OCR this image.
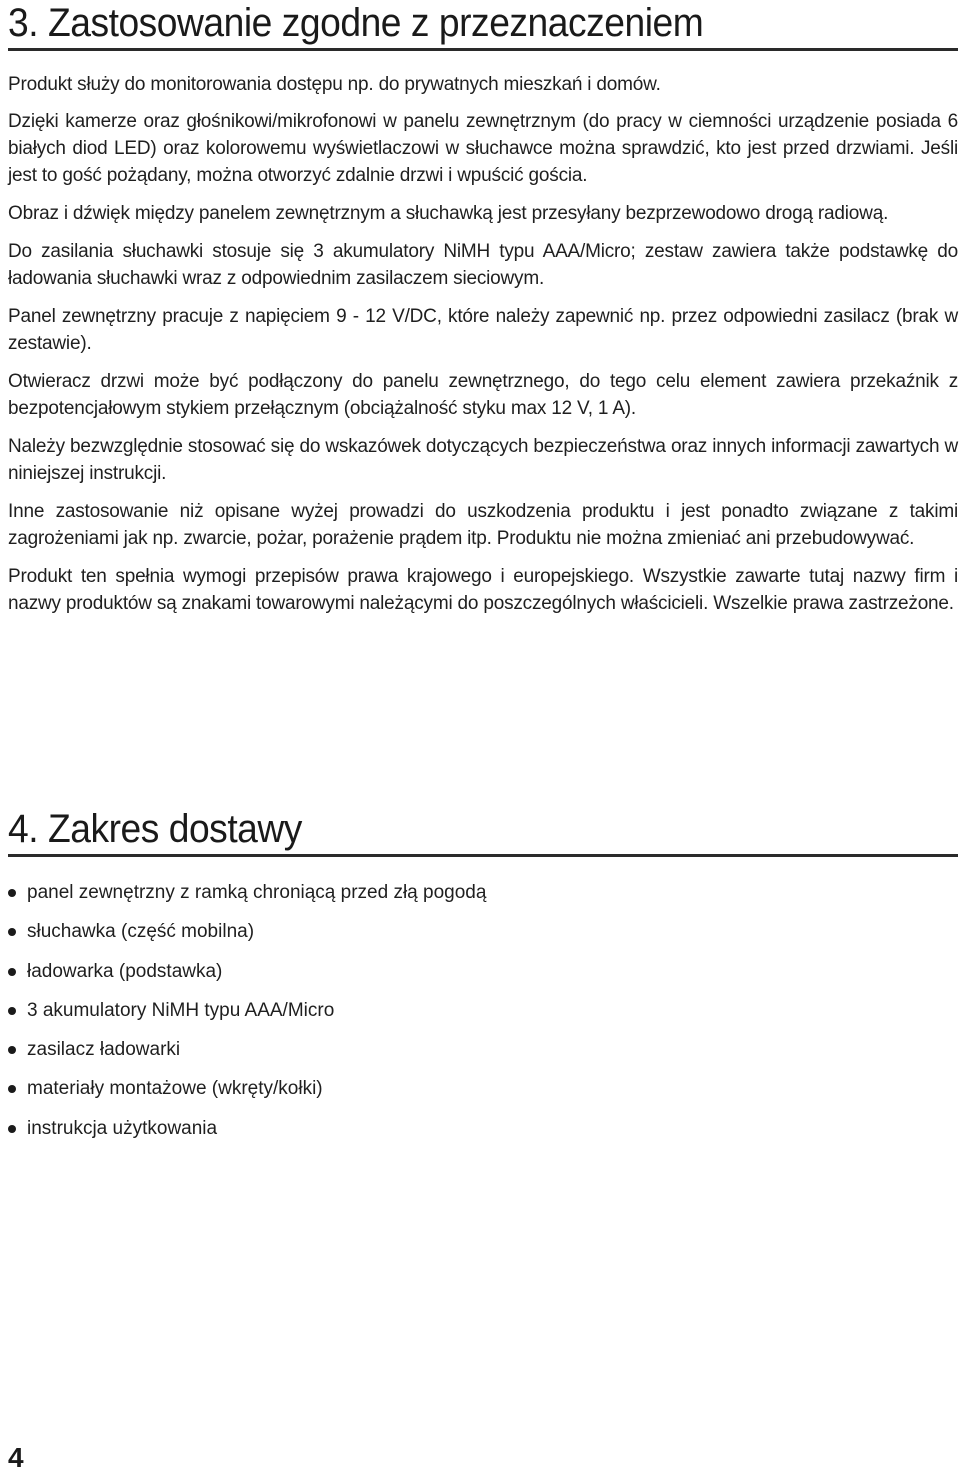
3. Zastosowanie zgodne z przeznaczeniem

Produkt służy do monitorowania dostępu np. do prywatnych mieszkań i domów.

Dzięki kamerze oraz głośnikowi/mikrofonowi w panelu zewnętrznym (do pracy w ciemności urządzenie posiada 6 białych diod LED) oraz kolorowemu wyświetlaczowi w słuchawce można sprawdzić, kto jest przed drzwiami. Jeśli jest to gość pożądany, można otworzyć zdalnie drzwi i wpuścić gościa.

Obraz i dźwięk między panelem zewnętrznym a słuchawką jest przesyłany bezprzewodowo drogą radiową.

Do zasilania słuchawki stosuje się 3 akumulatory NiMH typu AAA/Micro; zestaw zawiera także podstawkę do ładowania słuchawki wraz z odpowiednim zasilaczem sieciowym.

Panel zewnętrzny pracuje z napięciem 9 - 12 V/DC, które należy zapewnić np. przez odpowiedni zasilacz (brak w zestawie).

Otwieracz drzwi może być podłączony do panelu zewnętrznego, do tego celu element zawiera przekaźnik z bezpotencjałowym stykiem przełącznym (obciążalność styku max 12 V, 1 A).

Należy bezwzględnie stosować się do wskazówek dotyczących bezpieczeństwa oraz innych informacji zawartych w niniejszej instrukcji.

Inne zastosowanie niż opisane wyżej prowadzi do uszkodzenia produktu i jest ponadto związane z takimi zagrożeniami jak np. zwarcie, pożar, porażenie prądem itp. Produktu nie można zmieniać ani przebudowywać.

Produkt ten spełnia wymogi przepisów prawa krajowego i europejskiego. Wszystkie zawarte tutaj nazwy firm i nazwy produktów są znakami towarowymi należącymi do poszczególnych właścicieli. Wszelkie prawa zastrzeżone.

4. Zakres dostawy
panel zewnętrzny z ramką chroniącą przed złą pogodą
słuchawka (część mobilna)
ładowarka (podstawka)
3 akumulatory NiMH typu AAA/Micro
zasilacz ładowarki
materiały montażowe (wkręty/kołki)
instrukcja użytkowania
4
